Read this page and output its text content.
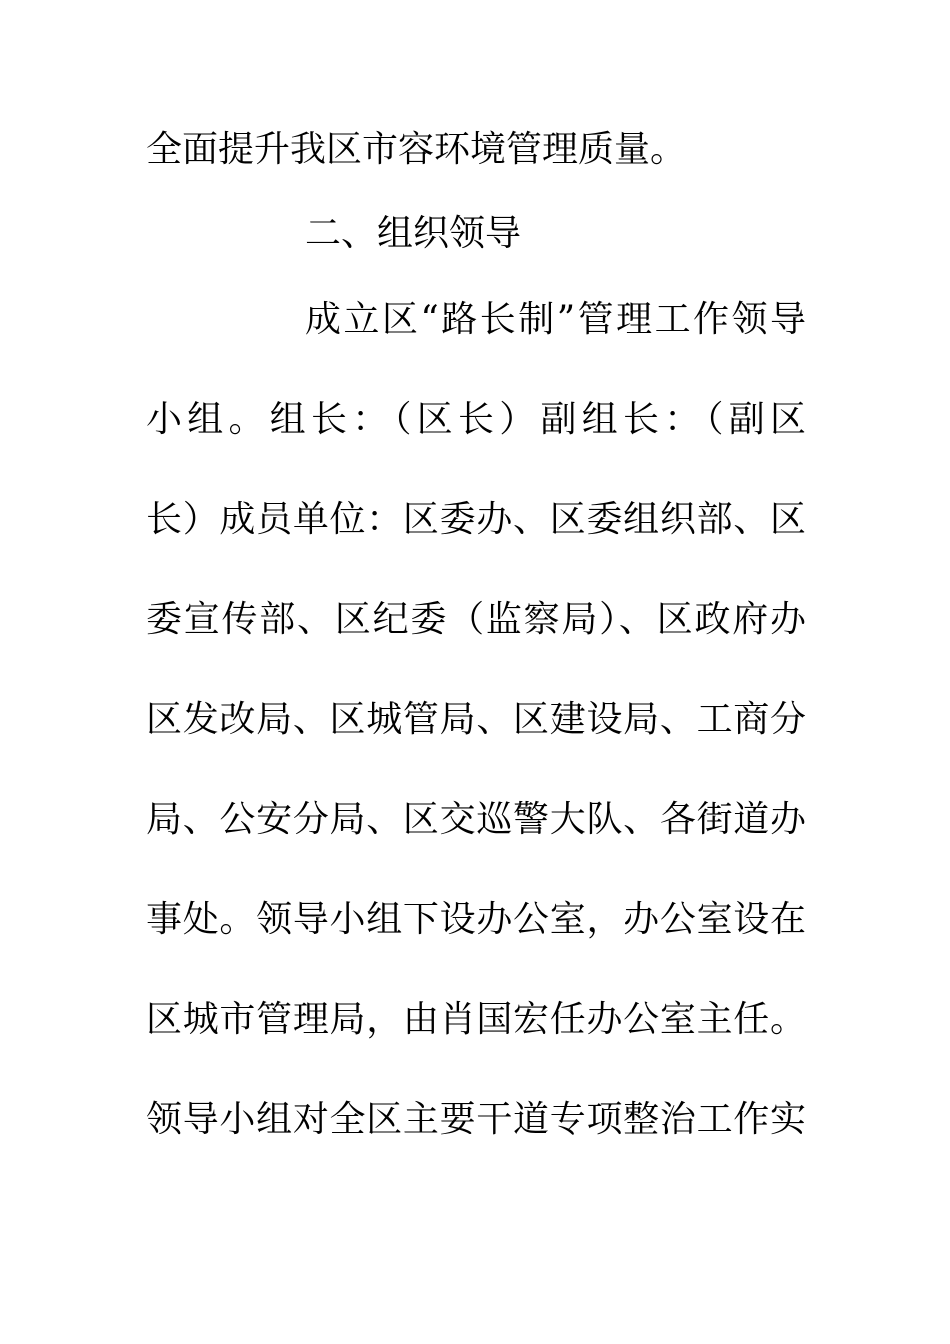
全面提升我区市容环境管理质量。
二、组织领导
成立区“路长制”管理工作领导
小组。组长：（区长）副组长：（副区
长）成员单位：区委办、区委组织部、区
委宣传部、区纪委（监察局）、区政府办
区发改局、区城管局、区建设局、工商分
局、公安分局、区交巡警大队、各街道办
事处。领导小组下设办公室，办公室设在
区城市管理局，由肖国宏任办公室主任。
领导小组对全区主要干道专项整治工作实
